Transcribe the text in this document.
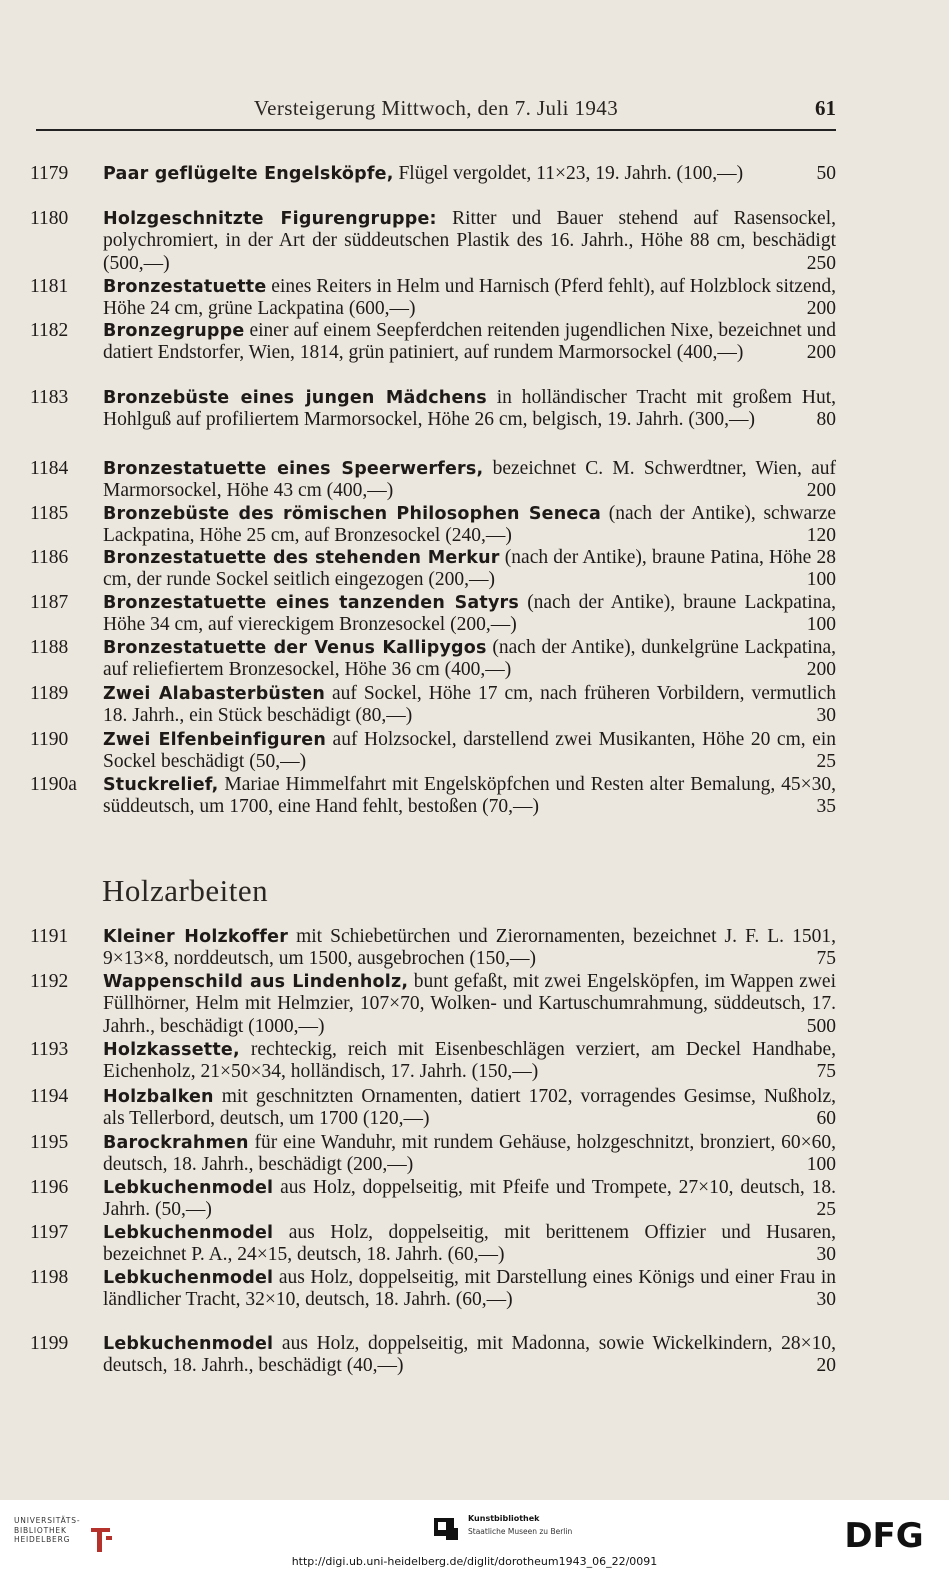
Versteigerung Mittwoch, den 7. Juli 1943	61
1179	Paar geflügelte Engelsköpfe, Flügel vergoldet, 11×23, 19. Jahrh. (100,—)	50
1180	Holzgeschnitzte Figurengruppe: Ritter und Bauer stehend auf Rasensockel, polychromiert, in der Art der süddeutschen Plastik des 16. Jahrh., Höhe 88 cm, beschädigt (500,—)	250
1181	Bronzestatuette eines Reiters in Helm und Harnisch (Pferd fehlt), auf Holzblock sitzend, Höhe 24 cm, grüne Lackpatina (600,—)	200
1182	Bronzegruppe einer auf einem Seepferdchen reitenden jugendlichen Nixe, bezeichnet und datiert Endstorfer, Wien, 1814, grün patiniert, auf rundem Marmorsockel (400,—)	200
1183	Bronzebüste eines jungen Mädchens in holländischer Tracht mit großem Hut, Hohlguß auf profiliertem Marmorsockel, Höhe 26 cm, belgisch, 19. Jahrh. (300,—)	80
1184	Bronzestatuette eines Speerwerfers, bezeichnet C. M. Schwerdtner, Wien, auf Marmorsockel, Höhe 43 cm (400,—)	200
1185	Bronzebüste des römischen Philosophen Seneca (nach der Antike), schwarze Lackpatina, Höhe 25 cm, auf Bronzesockel (240,—)	120
1186	Bronzestatuette des stehenden Merkur (nach der Antike), braune Patina, Höhe 28 cm, der runde Sockel seitlich eingezogen (200,—)	100
1187	Bronzestatuette eines tanzenden Satyrs (nach der Antike), braune Lackpatina, Höhe 34 cm, auf viereckigem Bronzesockel (200,—)	100
1188	Bronzestatuette der Venus Kallipygos (nach der Antike), dunkelgrüne Lackpatina, auf reliefiertem Bronzesockel, Höhe 36 cm (400,—)	200
1189	Zwei Alabasterbüsten auf Sockel, Höhe 17 cm, nach früheren Vorbildern, vermutlich 18. Jahrh., ein Stück beschädigt (80,—)	30
1190	Zwei Elfenbeinfiguren auf Holzsockel, darstellend zwei Musikanten, Höhe 20 cm, ein Sockel beschädigt (50,—)	25
1190a	Stuckrelief, Mariae Himmelfahrt mit Engelsköpfchen und Resten alter Bemalung, 45×30, süddeutsch, um 1700, eine Hand fehlt, bestoßen (70,—)	35
Holzarbeiten
1191	Kleiner Holzkoffer mit Schiebetürchen und Zierornamenten, bezeichnet J. F. L. 1501, 9×13×8, norddeutsch, um 1500, ausgebrochen (150,—)	75
1192	Wappenschild aus Lindenholz, bunt gefaßt, mit zwei Engelsköpfen, im Wappen zwei Füllhörner, Helm mit Helmzier, 107×70, Wolken- und Kartuschumrahmung, süddeutsch, 17. Jahrh., beschädigt (1000,—)	500
1193	Holzkassette, rechteckig, reich mit Eisenbeschlägen verziert, am Deckel Handhabe, Eichenholz, 21×50×34, holländisch, 17. Jahrh. (150,—)	75
1194	Holzbalken mit geschnitzten Ornamenten, datiert 1702, vorragendes Gesimse, Nußholz, als Tellerbord, deutsch, um 1700 (120,—)	60
1195	Barockrahmen für eine Wanduhr, mit rundem Gehäuse, holzgeschnitzt, bronziert, 60×60, deutsch, 18. Jahrh., beschädigt (200,—)	100
1196	Lebkuchenmodel aus Holz, doppelseitig, mit Pfeife und Trompete, 27×10, deutsch, 18. Jahrh. (50,—)	25
1197	Lebkuchenmodel aus Holz, doppelseitig, mit berittenem Offizier und Husaren, bezeichnet P. A., 24×15, deutsch, 18. Jahrh. (60,—)	30
1198	Lebkuchenmodel aus Holz, doppelseitig, mit Darstellung eines Königs und einer Frau in ländlicher Tracht, 32×10, deutsch, 18. Jahrh. (60,—)	30
1199	Lebkuchenmodel aus Holz, doppelseitig, mit Madonna, sowie Wickelkindern, 28×10, deutsch, 18. Jahrh., beschädigt (40,—)	20
UNIVERSITÄTS-
BIBLIOTHEK
HEIDELBERG
Kunstbibliothek
Staatliche Museen zu Berlin	DFG
http://digi.ub.uni-heidelberg.de/diglit/dorotheum1943_06_22/0091
